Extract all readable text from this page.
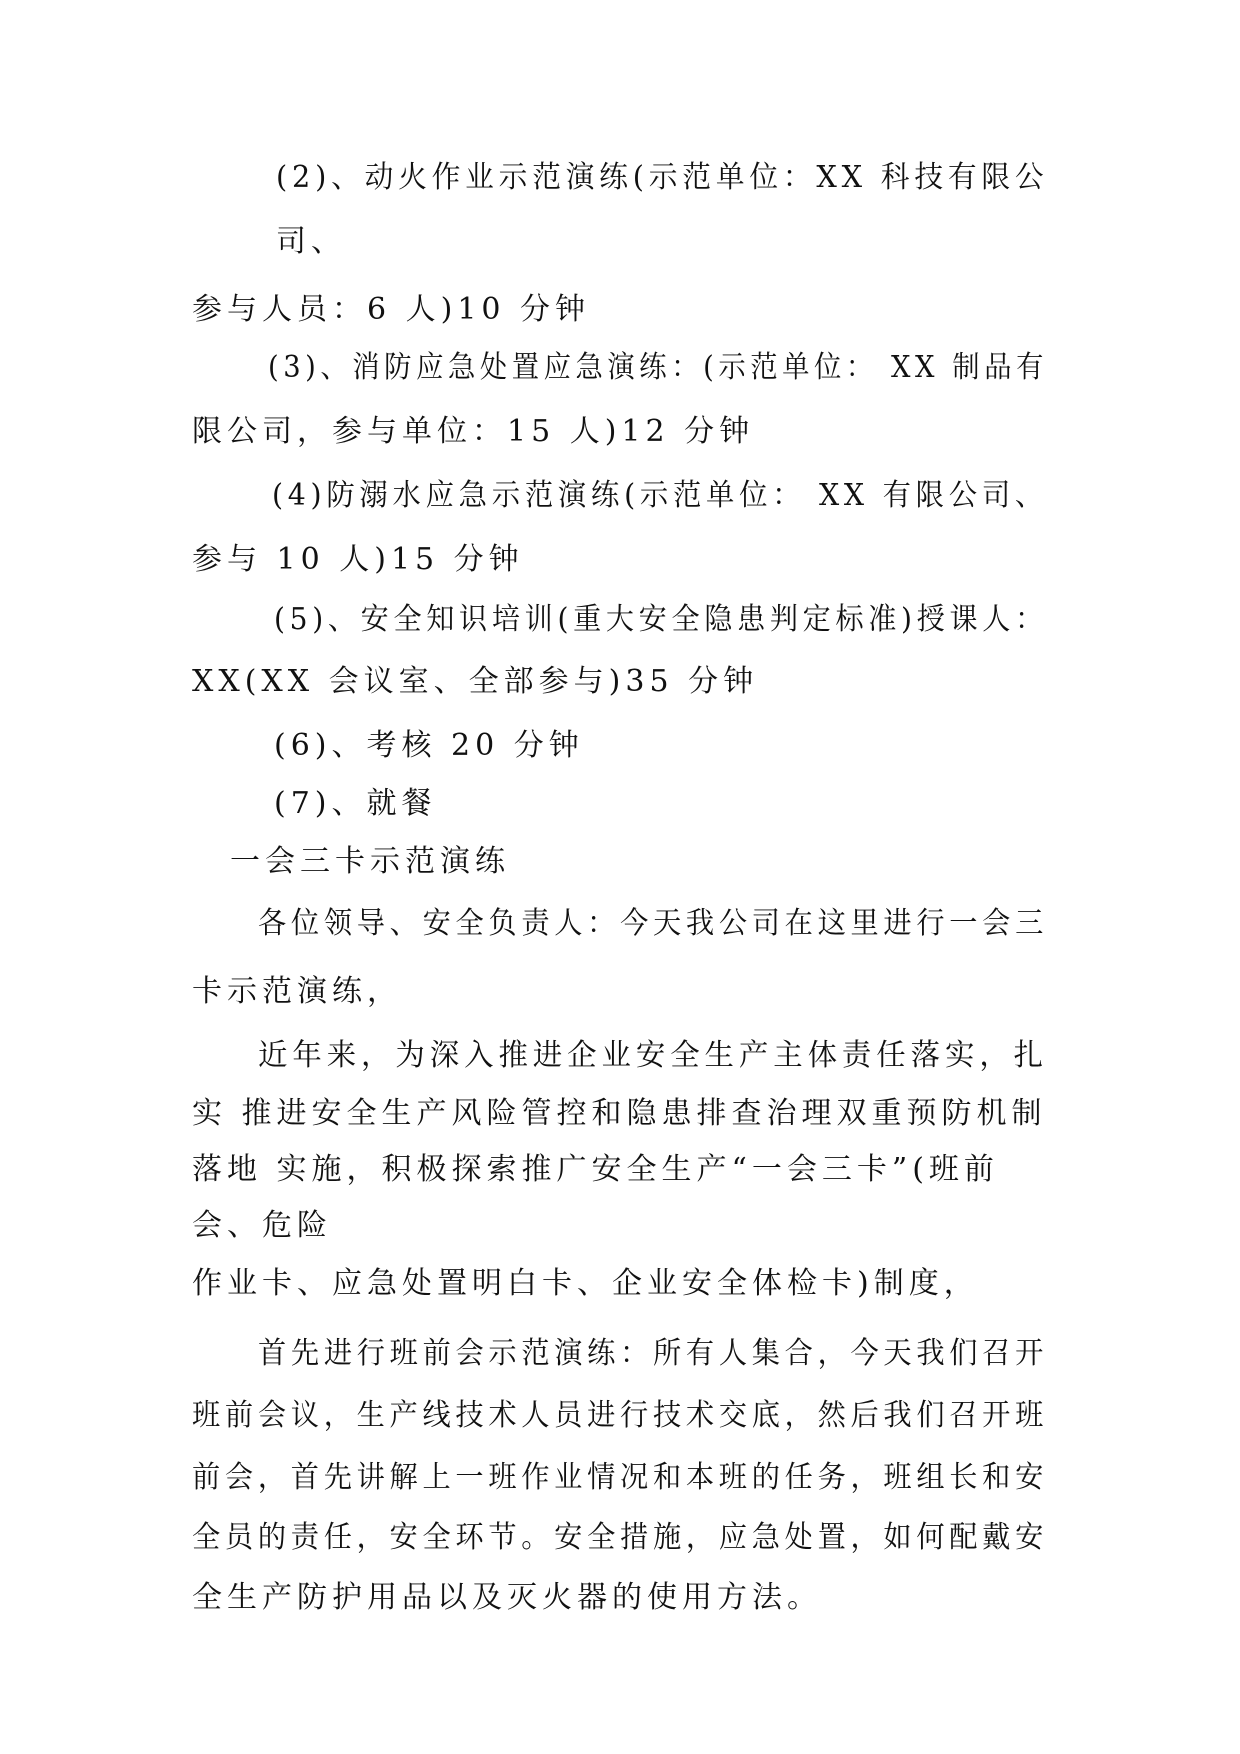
(2)、动火作业示范演练(示范单位：XX 科技有限公
司、
参与人员：6 人)10 分钟
(3)、消防应急处置应急演练：(示范单位： XX 制品有
限公司，参与单位：15 人)12 分钟
(4)防溺水应急示范演练(示范单位： XX 有限公司、
参与 10 人)15 分钟
(5)、安全知识培训(重大安全隐患判定标准)授课人：
XX(XX 会议室、全部参与)35 分钟
(6)、考核 20 分钟
(7)、就餐
一会三卡示范演练
各位领导、安全负责人：今天我公司在这里进行一会三
卡示范演练，
近年来，为深入推进企业安全生产主体责任落实，扎
实 推进安全生产风险管控和隐患排查治理双重预防机制
落地 实施，积极探索推广安全生产“一会三卡”(班前
会、危险
作业卡、应急处置明白卡、企业安全体检卡)制度，
首先进行班前会示范演练：所有人集合，今天我们召开
班前会议，生产线技术人员进行技术交底，然后我们召开班
前会，首先讲解上一班作业情况和本班的任务，班组长和安
全员的责任，安全环节。安全措施，应急处置，如何配戴安
全生产防护用品以及灭火器的使用方法。
